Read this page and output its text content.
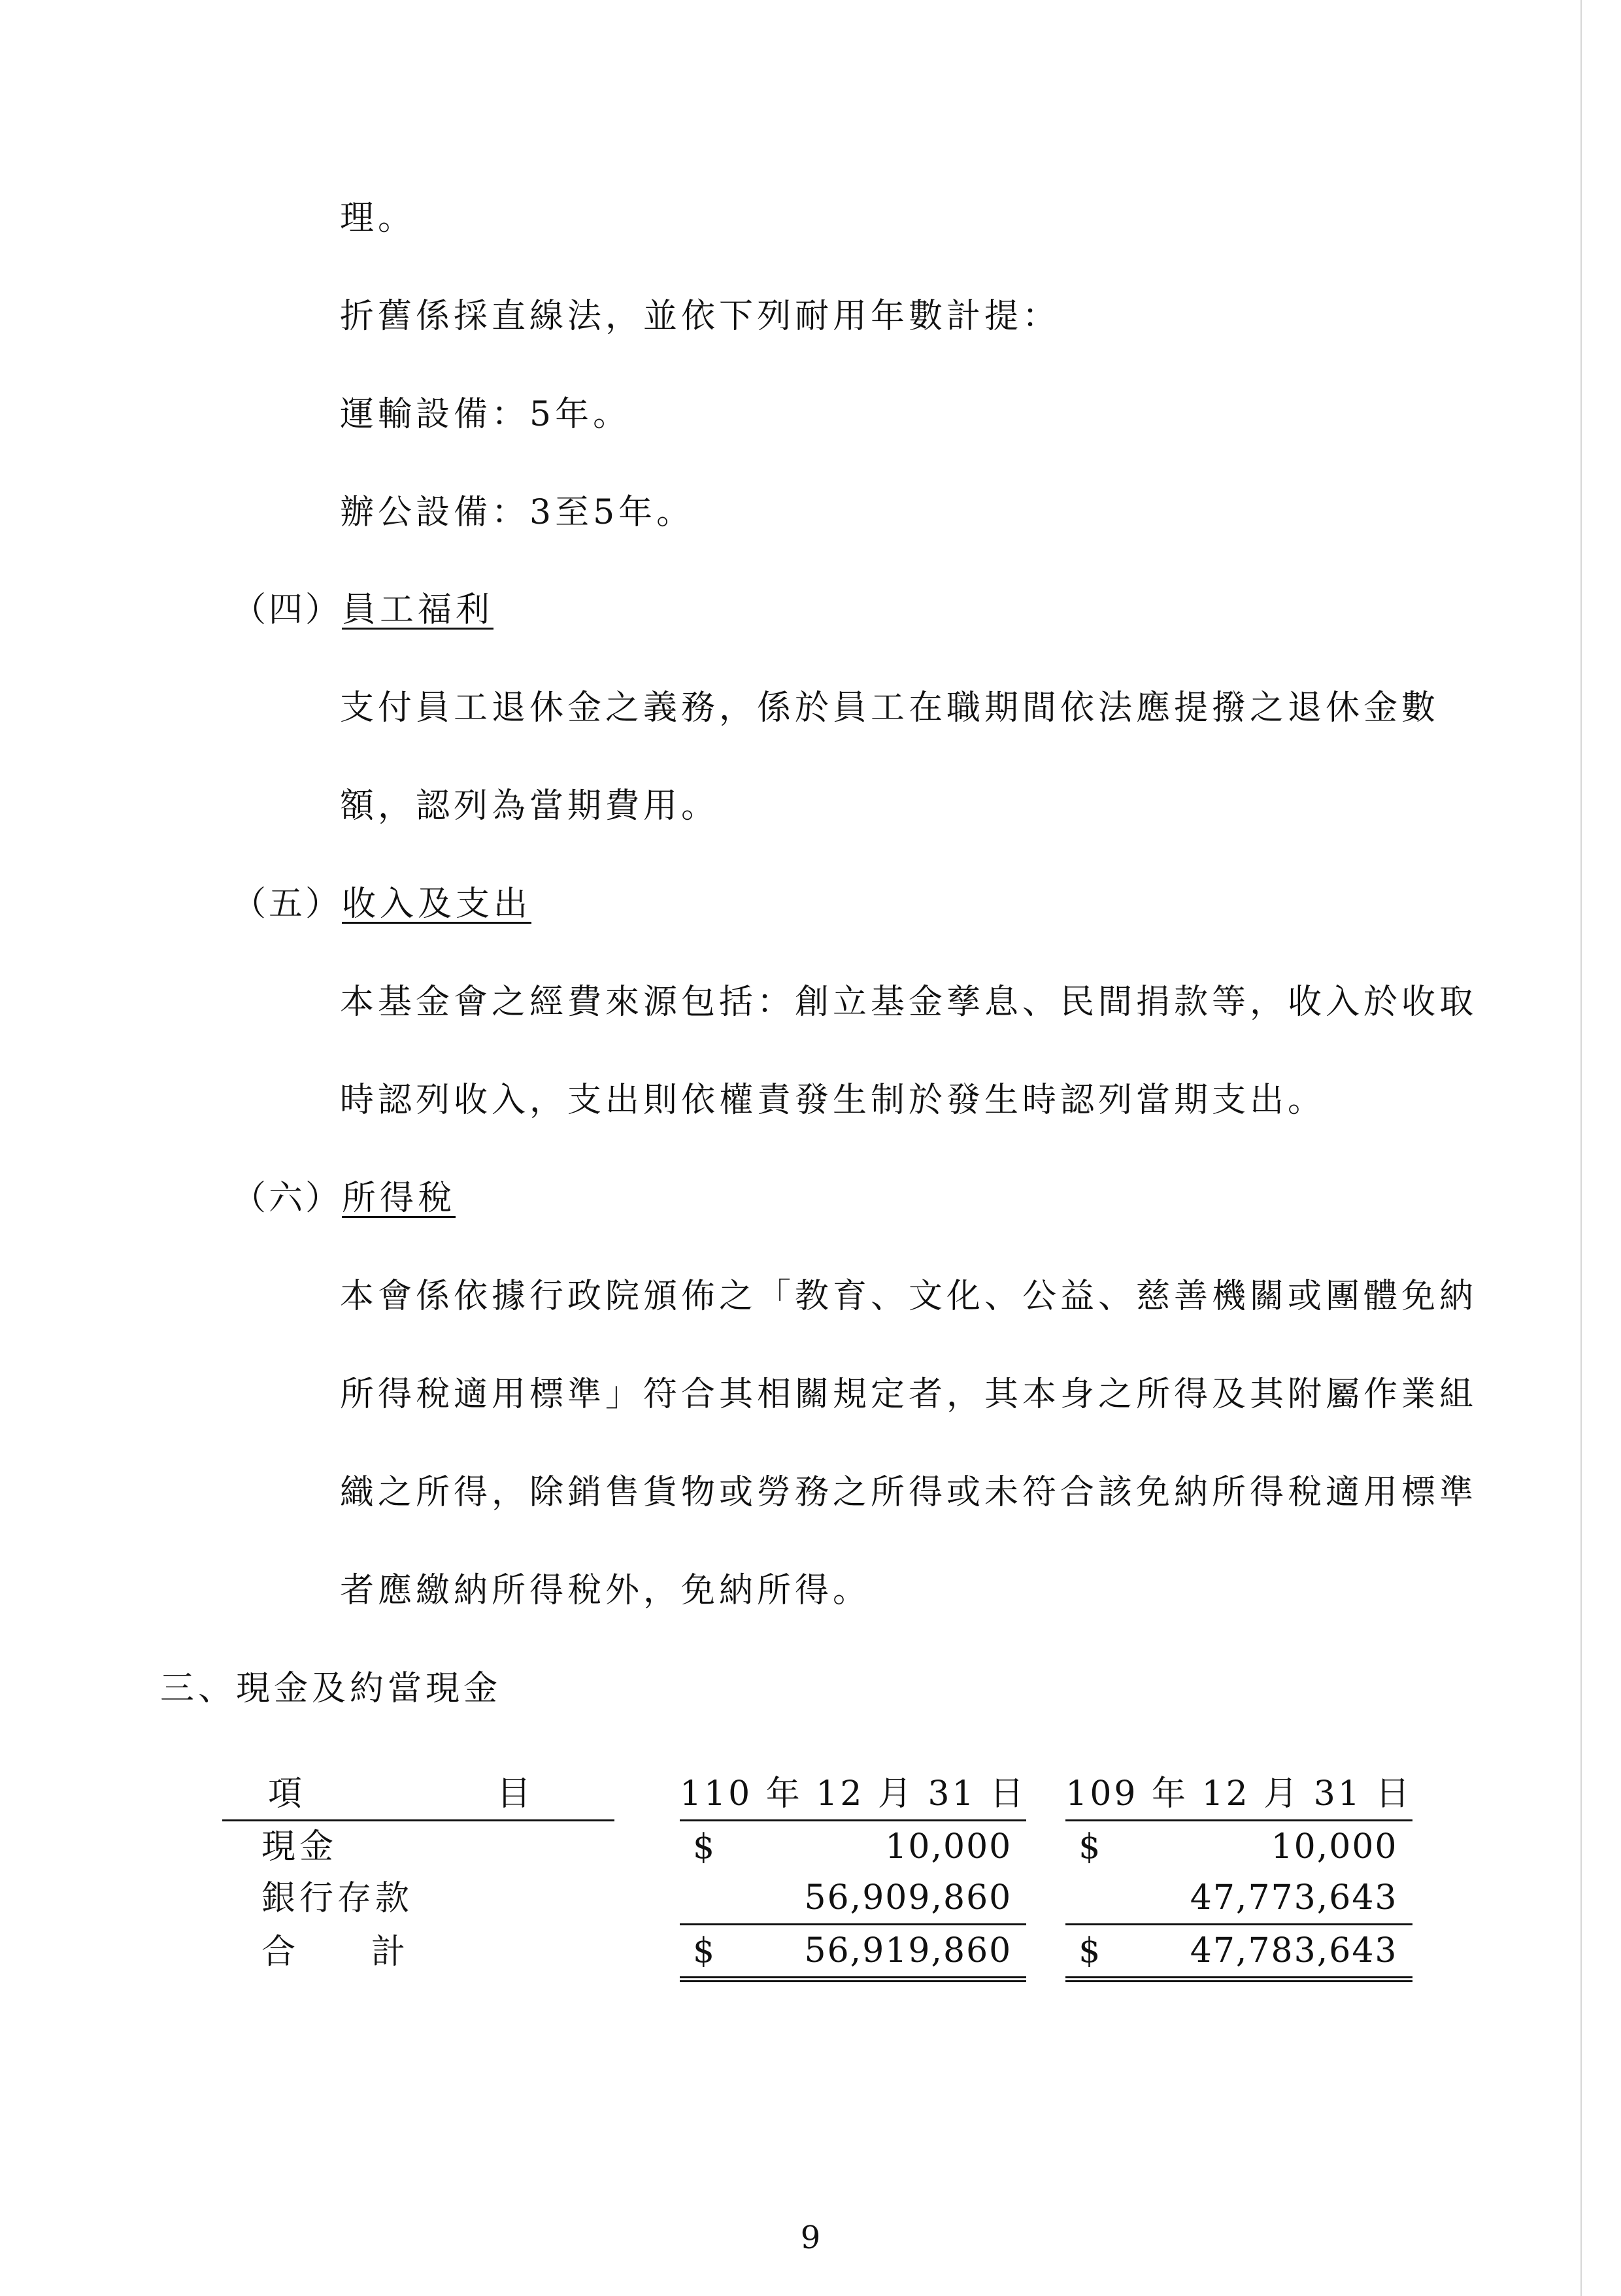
理。
折舊係採直線法，並依下列耐用年數計提：
運輸設備：5年。
辦公設備：3至5年。
（四）員工福利
支付員工退休金之義務，係於員工在職期間依法應提撥之退休金數
額，認列為當期費用。
（五）收入及支出
本基金會之經費來源包括：創立基金孳息、民間捐款等，收入於收取
時認列收入，支出則依權責發生制於發生時認列當期支出。
（六）所得稅
本會係依據行政院頒佈之「教育、文化、公益、慈善機關或團體免納
所得稅適用標準」符合其相關規定者，其本身之所得及其附屬作業組
織之所得，除銷售貨物或勞務之所得或未符合該免納所得稅適用標準
者應繳納所得稅外，免納所得。
三、現金及約當現金
項 目		110 年 12 月 31 日		109 年 12 月 31 日
現金		$ 10,000		$ 10,000
銀行存款		56,909,860		47,773,643
合 計		$ 56,919,860		$ 47,783,643
9
